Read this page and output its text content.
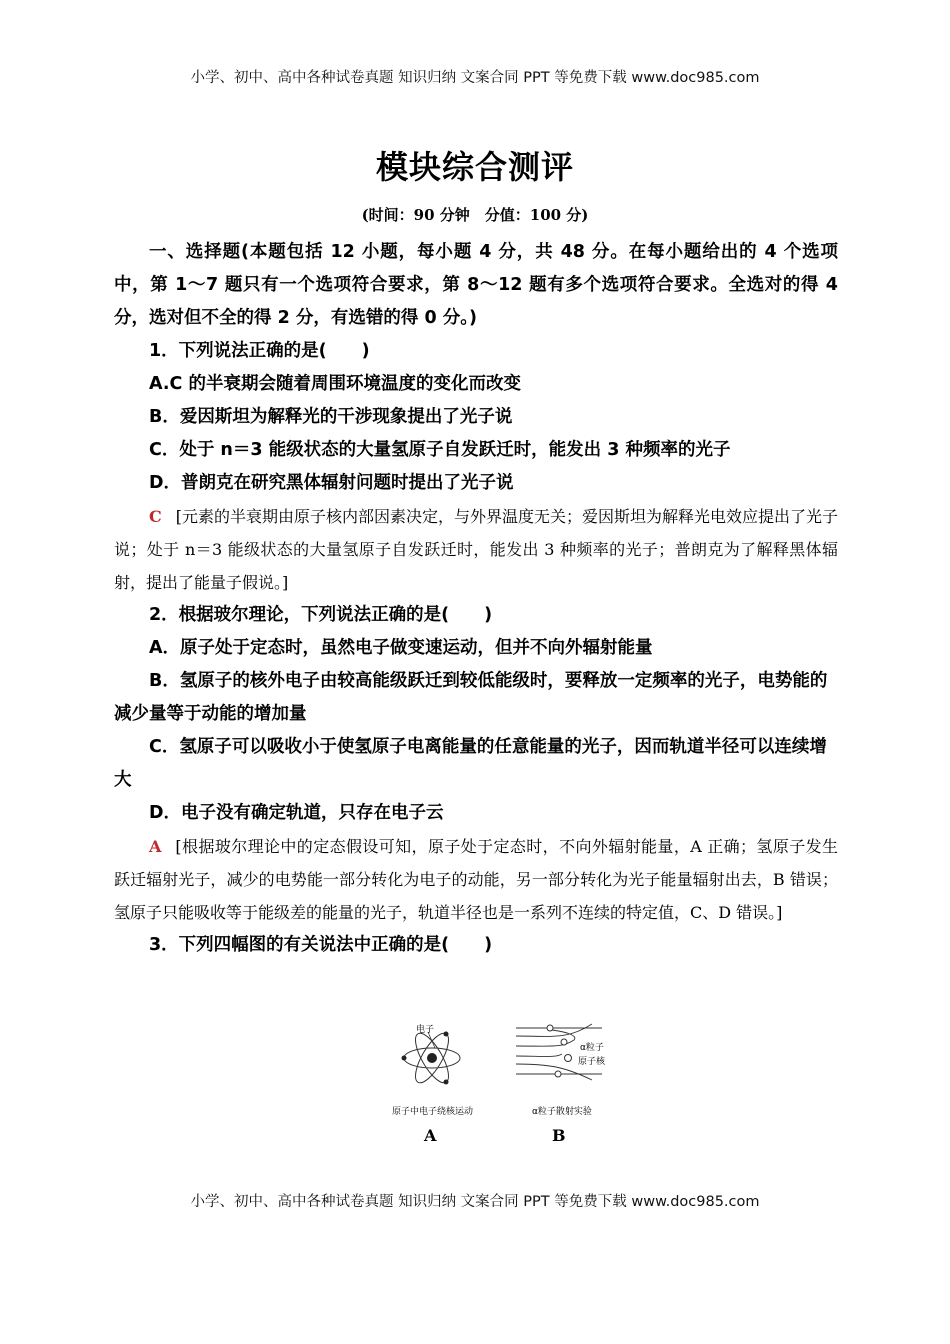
小学、初中、高中各种试卷真题 知识归纳 文案合同 PPT 等免费下载 www.doc985.com
模块综合测评
(时间：90 分钟　分值：100 分)

一、选择题(本题包括 12 小题，每小题 4 分，共 48 分。在每小题给出的 4 个选项中，第 1～7 题只有一个选项符合要求，第 8～12 题有多个选项符合要求。全选对的得 4 分，选对但不全的得 2 分，有选错的得 0 分。)

1．下列说法正确的是(　　)

A.C 的半衰期会随着周围环境温度的变化而改变

B．爱因斯坦为解释光的干涉现象提出了光子说

C．处于 n＝3 能级状态的大量氢原子自发跃迁时，能发出 3 种频率的光子

D．普朗克在研究黑体辐射问题时提出了光子说

C [元素的半衰期由原子核内部因素决定，与外界温度无关；爱因斯坦为解释光电效应提出了光子说；处于 n＝3 能级状态的大量氢原子自发跃迁时，能发出 3 种频率的光子；普朗克为了解释黑体辐射，提出了能量子假说。]

2．根据玻尔理论，下列说法正确的是(　　)

A．原子处于定态时，虽然电子做变速运动，但并不向外辐射能量

B．氢原子的核外电子由较高能级跃迁到较低能级时，要释放一定频率的光子，电势能的减少量等于动能的增加量

C．氢原子可以吸收小于使氢原子电离能量的任意能量的光子，因而轨道半径可以连续增大

D．电子没有确定轨道，只存在电子云

A [根据玻尔理论中的定态假设可知，原子处于定态时，不向外辐射能量，A 正确；氢原子发生跃迁辐射光子，减少的电势能一部分转化为电子的动能，另一部分转化为光子能量辐射出去，B 错误；氢原子只能吸收等于能级差的能量的光子，轨道半径也是一系列不连续的特定值，C、D 错误。]

3．下列四幅图的有关说法中正确的是(　　)

电子
原子中电子绕核运动
A
α粒子
原子核
α粒子散射实验
B
小学、初中、高中各种试卷真题 知识归纳 文案合同 PPT 等免费下载 www.doc985.com
